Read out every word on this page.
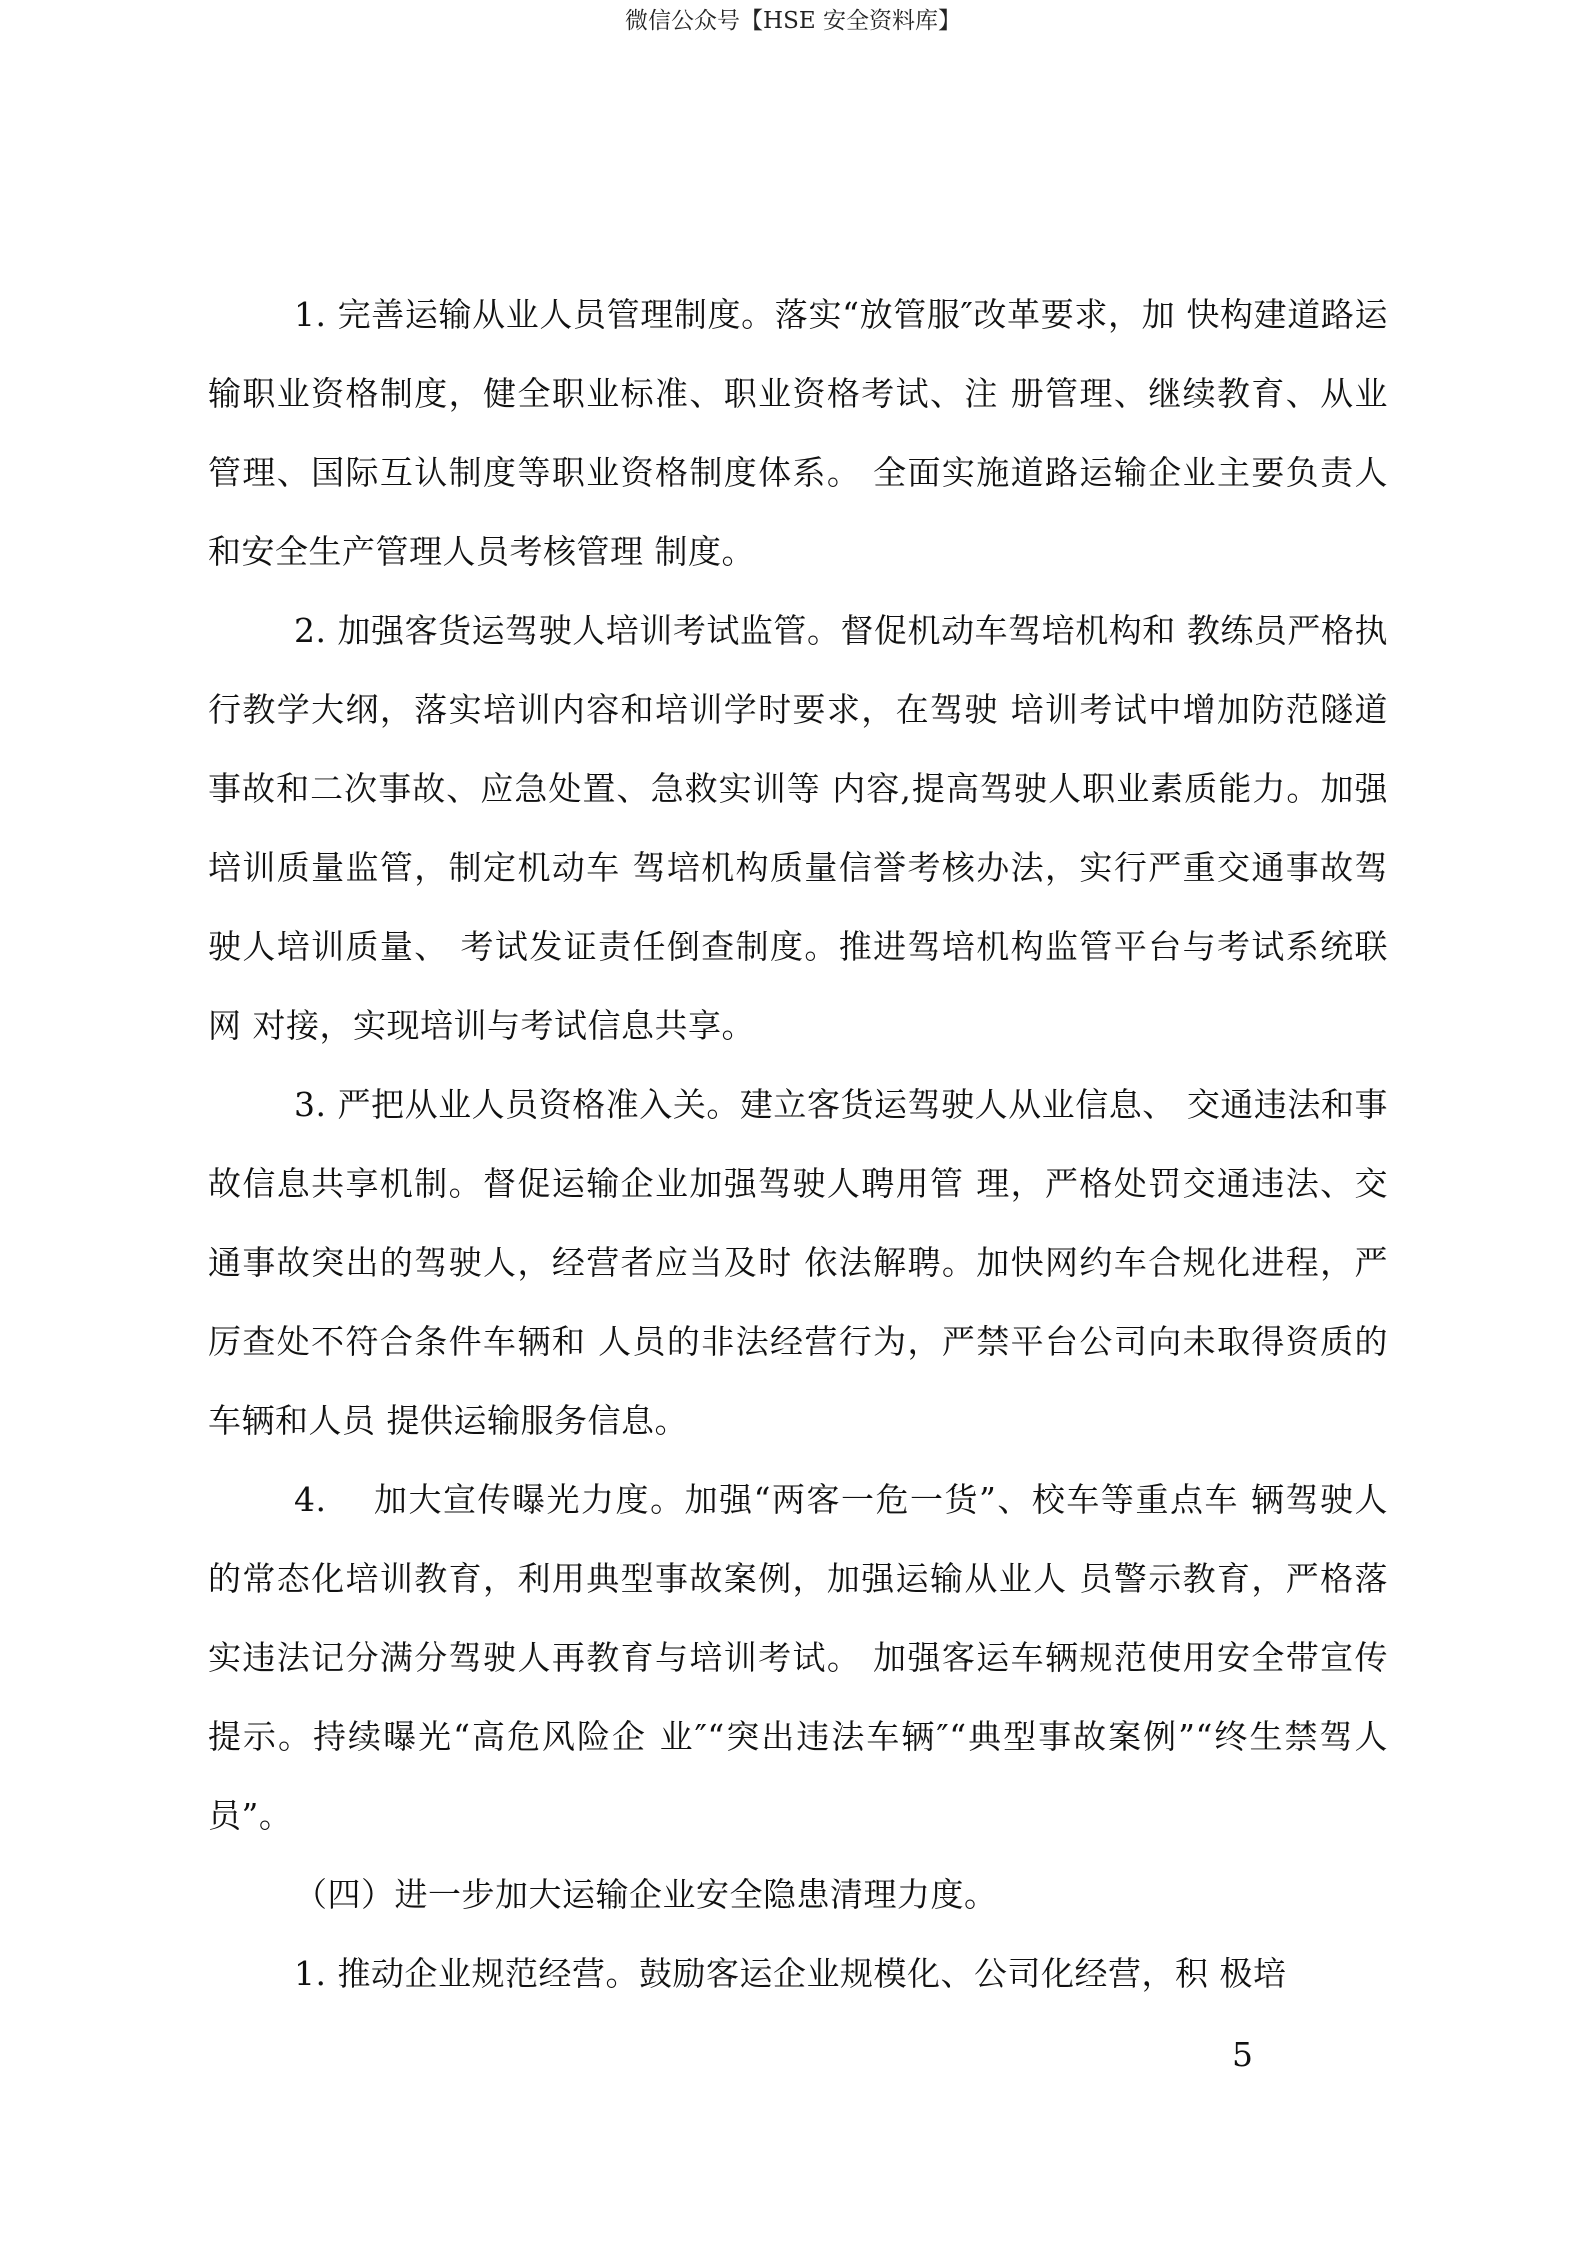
微信公众号【HSE 安全资料库】

1. 完善运输从业人员管理制度。落实“放管服″改革要求，加 快构建道路运输职业资格制度，健全职业标准、职业资格考试、注 册管理、继续教育、从业管理、国际互认制度等职业资格制度体系。 全面实施道路运输企业主要负责人和安全生产管理人员考核管理 制度。

2. 加强客货运驾驶人培训考试监管。督促机动车驾培机构和 教练员严格执行教学大纲，落实培训内容和培训学时要求，在驾驶 培训考试中增加防范隧道事故和二次事故、应急处置、急救实训等 内容,提高驾驶人职业素质能力。加强培训质量监管，制定机动车 驾培机构质量信誉考核办法，实行严重交通事故驾驶人培训质量、 考试发证责任倒查制度。推进驾培机构监管平台与考试系统联网 对接，实现培训与考试信息共享。

3. 严把从业人员资格准入关。建立客货运驾驶人从业信息、 交通违法和事故信息共享机制。督促运输企业加强驾驶人聘用管 理，严格处罚交通违法、交通事故突出的驾驶人，经营者应当及时 依法解聘。加快网约车合规化进程，严厉查处不符合条件车辆和 人员的非法经营行为，严禁平台公司向未取得资质的车辆和人员 提供运输服务信息。

4.　 加大宣传曝光力度。加强“两客一危一货”、校车等重点车 辆驾驶人的常态化培训教育，利用典型事故案例，加强运输从业人 员警示教育，严格落实违法记分满分驾驶人再教育与培训考试。 加强客运车辆规范使用安全带宣传提示。持续曝光“高危风险企 业″“突出违法车辆″“典型事故案例”“终生禁驾人员”。

（四）进一步加大运输企业安全隐患清理力度。

1. 推动企业规范经营。鼓励客运企业规模化、公司化经营，积 极培

5
